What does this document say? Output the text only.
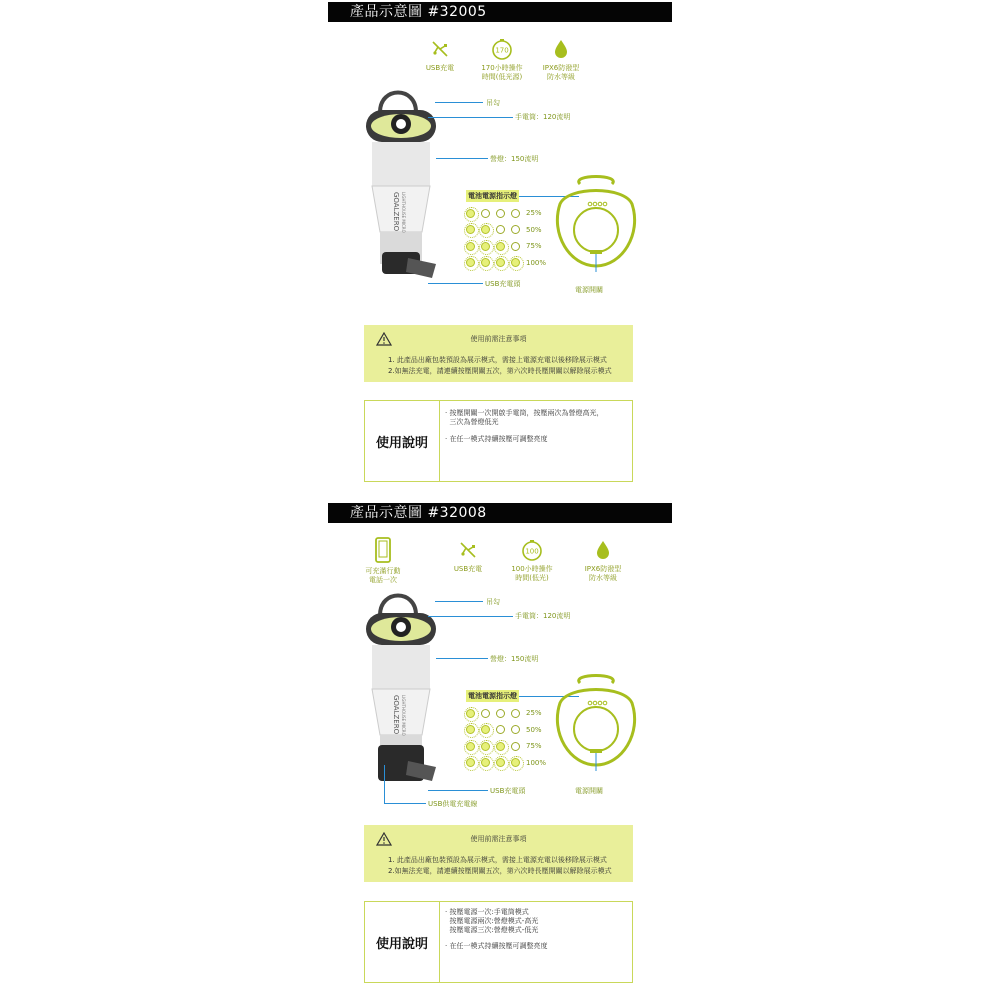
產品示意圖 #32005
USB充電
170
170小時操作
時間(低光源)
IPX6防潑型
防水等級
GOALZERO LIGHTHOUSE MICRO
吊勾
手電筒：120流明
營燈：150流明
USB充電頭
電池電源指示燈
25%
50%
75%
100%
電源開關
使用前需注意事項
1. 此產品出廠包裝預設為展示模式，需接上電源充電以後移除展示模式
2.如無法充電，請連續按壓開關五次，第六次時長壓開關以解除展示模式
使用說明
· 按壓開關一次開啟手電筒，按壓兩次為營燈高光，
三次為營燈低光
· 在任一模式持續按壓可調整亮度
產品示意圖 #32008
可充滿行動
電話一次
USB充電
100
100小時操作
時間(低光)
IPX6防潑型
防水等級
GOALZERO LIGHTHOUSE MICRO
吊勾
手電筒：120流明
營燈：150流明
USB充電頭
USB供電充電線
電池電源指示燈
25%
50%
75%
100%
電源開關
使用前需注意事項
1. 此產品出廠包裝預設為展示模式，需接上電源充電以後移除展示模式
2.如無法充電，請連續按壓開關五次，第六次時長壓開關以解除展示模式
使用說明
· 按壓電源一次:手電筒模式
按壓電源兩次:營燈模式-高光
按壓電源三次:營燈模式-低光
· 在任一模式持續按壓可調整亮度
